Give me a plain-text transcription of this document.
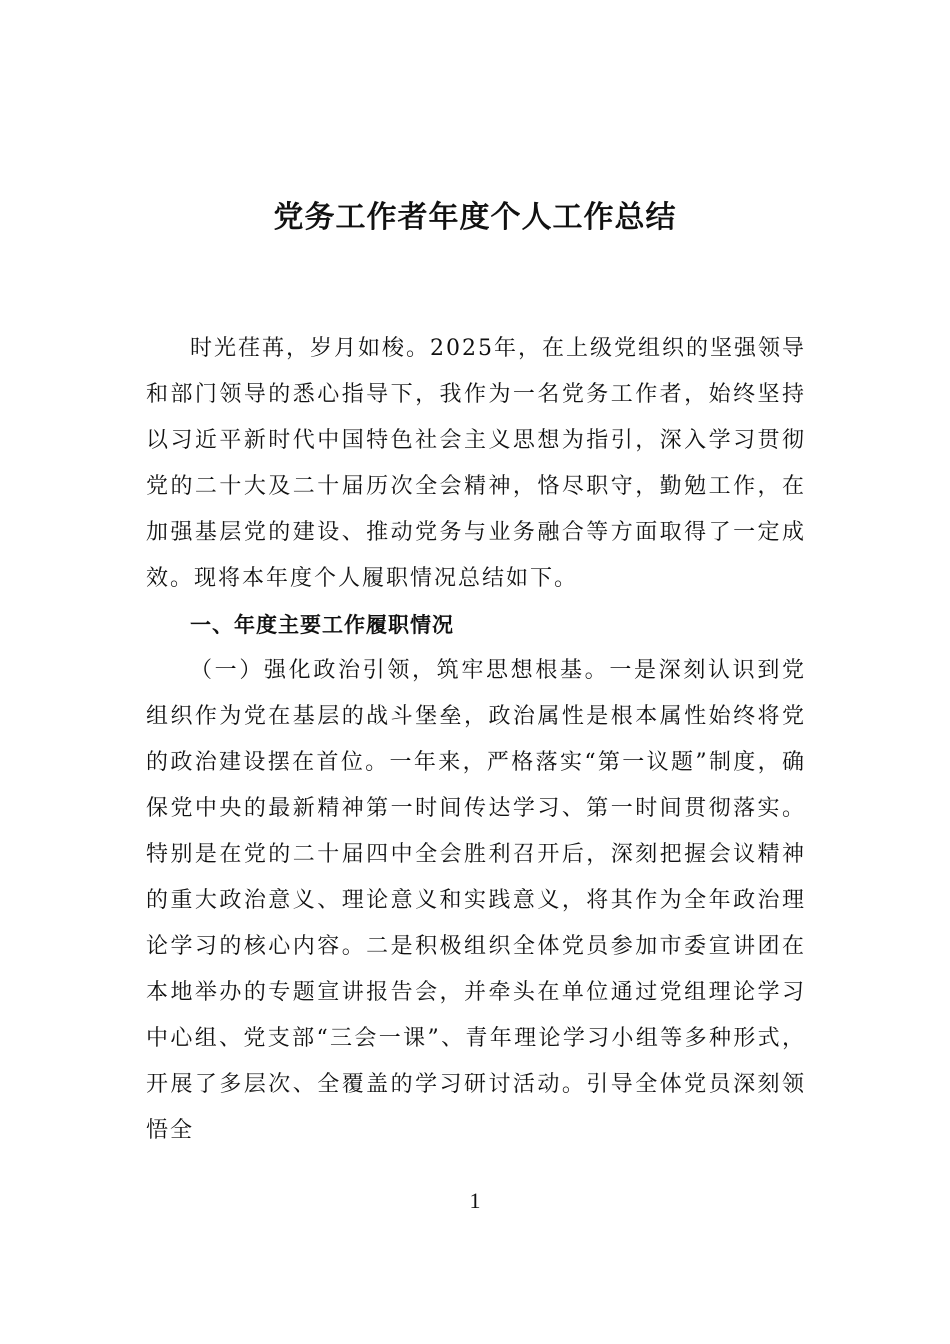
党务工作者年度个人工作总结

时光荏苒，岁月如梭。2025年，在上级党组织的坚强领导和部门领导的悉心指导下，我作为一名党务工作者，始终坚持以习近平新时代中国特色社会主义思想为指引，深入学习贯彻党的二十大及二十届历次全会精神，恪尽职守，勤勉工作，在加强基层党的建设、推动党务与业务融合等方面取得了一定成效。现将本年度个人履职情况总结如下。

一、年度主要工作履职情况

（一）强化政治引领，筑牢思想根基。一是深刻认识到党组织作为党在基层的战斗堡垒，政治属性是根本属性始终将党的政治建设摆在首位。一年来，严格落实“第一议题”制度，确保党中央的最新精神第一时间传达学习、第一时间贯彻落实。特别是在党的二十届四中全会胜利召开后，深刻把握会议精神的重大政治意义、理论意义和实践意义，将其作为全年政治理论学习的核心内容。二是积极组织全体党员参加市委宣讲团在本地举办的专题宣讲报告会，并牵头在单位通过党组理论学习中心组、党支部“三会一课”、青年理论学习小组等多种形式，开展了多层次、全覆盖的学习研讨活动。引导全体党员深刻领悟全

1
